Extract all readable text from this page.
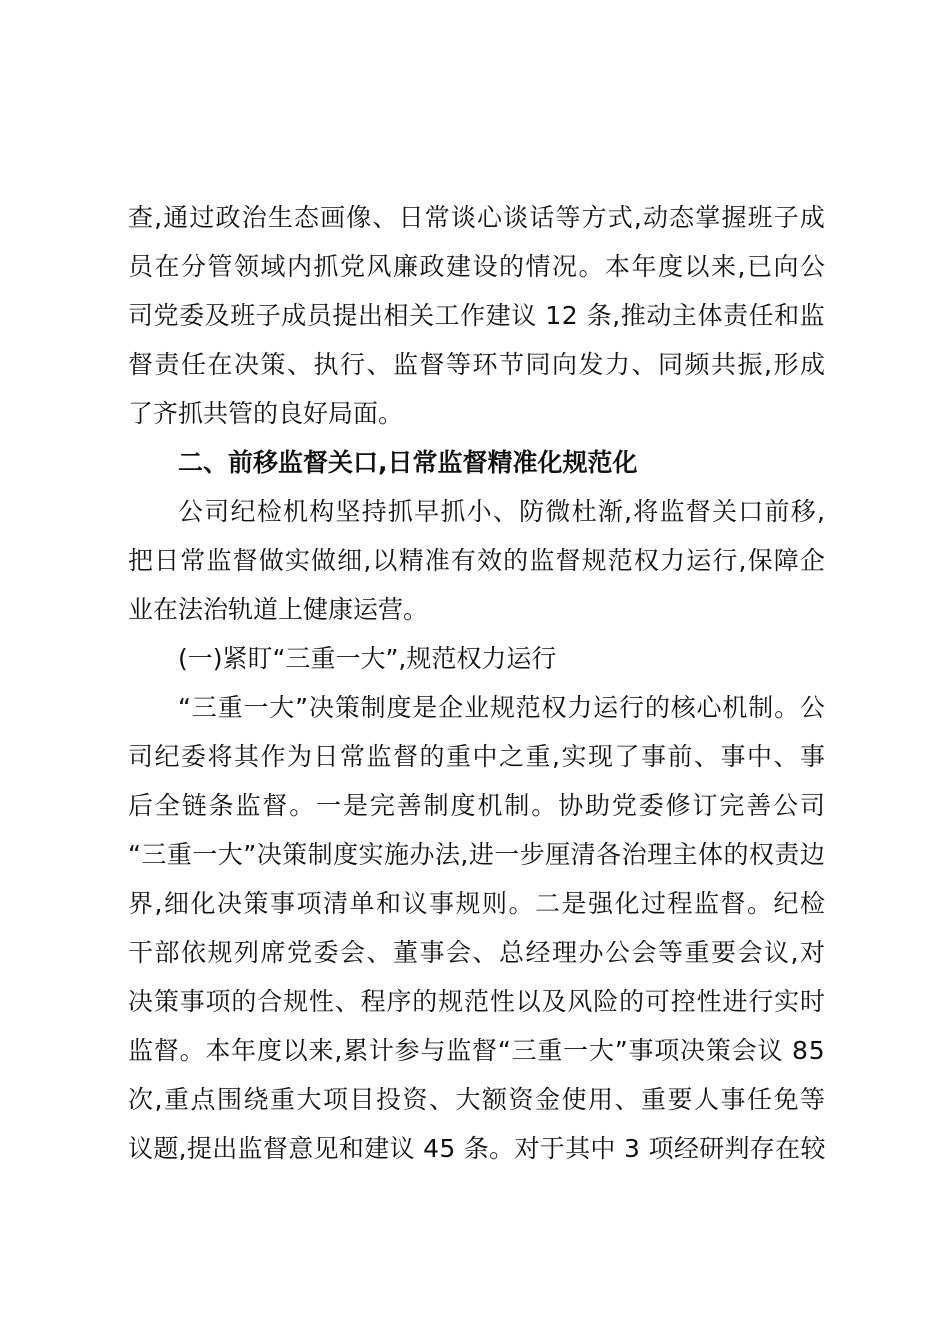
查,通过政治生态画像、日常谈心谈话等方式,动态掌握班子成
员在分管领域内抓党风廉政建设的情况。本年度以来,已向公
司党委及班子成员提出相关工作建议 12 条,推动主体责任和监
督责任在决策、执行、监督等环节同向发力、同频共振,形成
了齐抓共管的良好局面。
二、前移监督关口,日常监督精准化规范化
公司纪检机构坚持抓早抓小、防微杜渐,将监督关口前移,
把日常监督做实做细,以精准有效的监督规范权力运行,保障企
业在法治轨道上健康运营。
(一)紧盯“三重一大”,规范权力运行
“三重一大”决策制度是企业规范权力运行的核心机制。公
司纪委将其作为日常监督的重中之重,实现了事前、事中、事
后全链条监督。一是完善制度机制。协助党委修订完善公司
“三重一大”决策制度实施办法,进一步厘清各治理主体的权责边
界,细化决策事项清单和议事规则。二是强化过程监督。纪检
干部依规列席党委会、董事会、总经理办公会等重要会议,对
决策事项的合规性、程序的规范性以及风险的可控性进行实时
监督。本年度以来,累计参与监督“三重一大”事项决策会议 85
次,重点围绕重大项目投资、大额资金使用、重要人事任免等
议题,提出监督意见和建议 45 条。对于其中 3 项经研判存在较
